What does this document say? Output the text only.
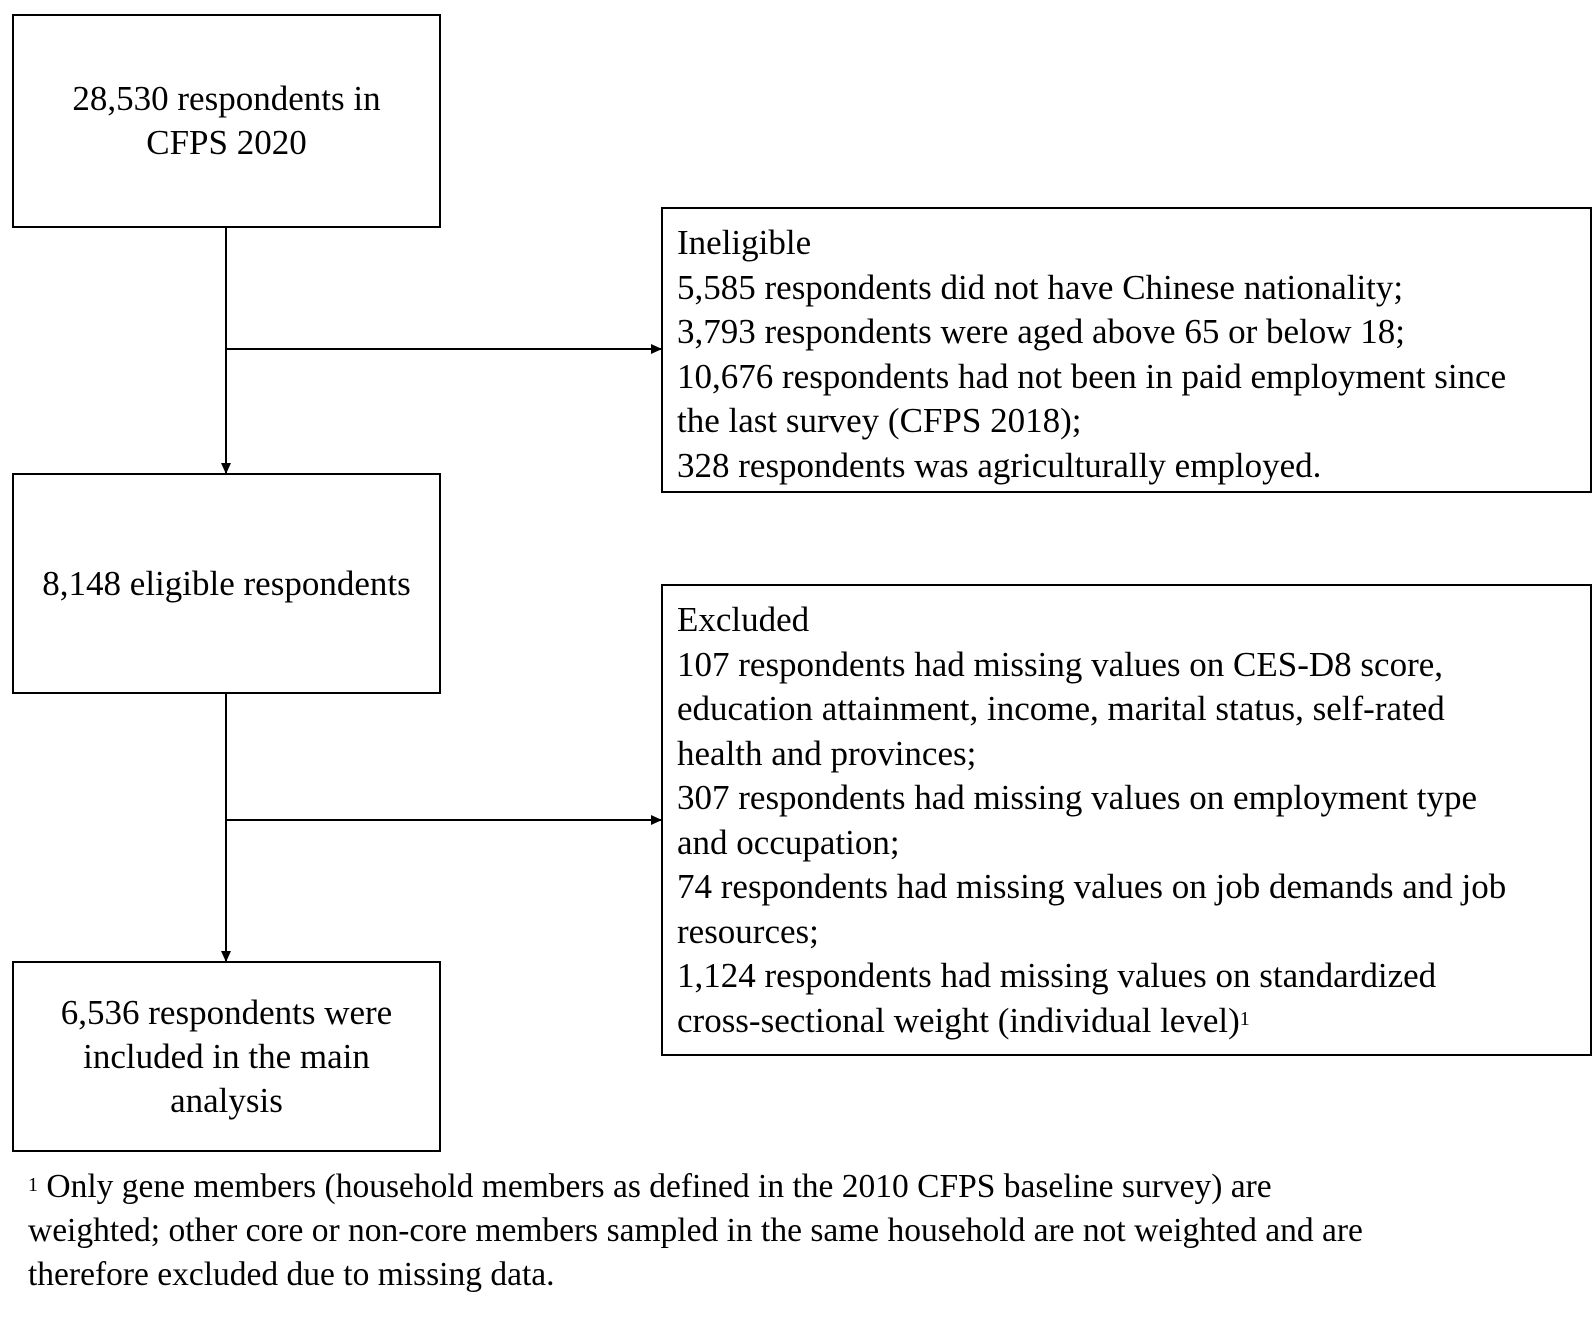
28,530 respondents in
CFPS 2020
Ineligible
5,585 respondents did not have Chinese nationality;
3,793 respondents were aged above 65 or below 18;
10,676 respondents had not been in paid employment since
the last survey (CFPS 2018);
328 respondents was agriculturally employed.
8,148 eligible respondents
Excluded
107 respondents had missing values on CES-D8 score,
education attainment, income, marital status, self-rated
health and provinces;
307 respondents had missing values on employment type
and occupation;
74 respondents had missing values on job demands and job
resources;
1,124 respondents had missing values on standardized
cross-sectional weight (individual level)$^1$
6,536 respondents were
included in the main
analysis
$^1$ Only gene members (household members as defined in the 2010 CFPS baseline survey) are
weighted; other core or non-core members sampled in the same household are not weighted and are
therefore excluded due to missing data.
